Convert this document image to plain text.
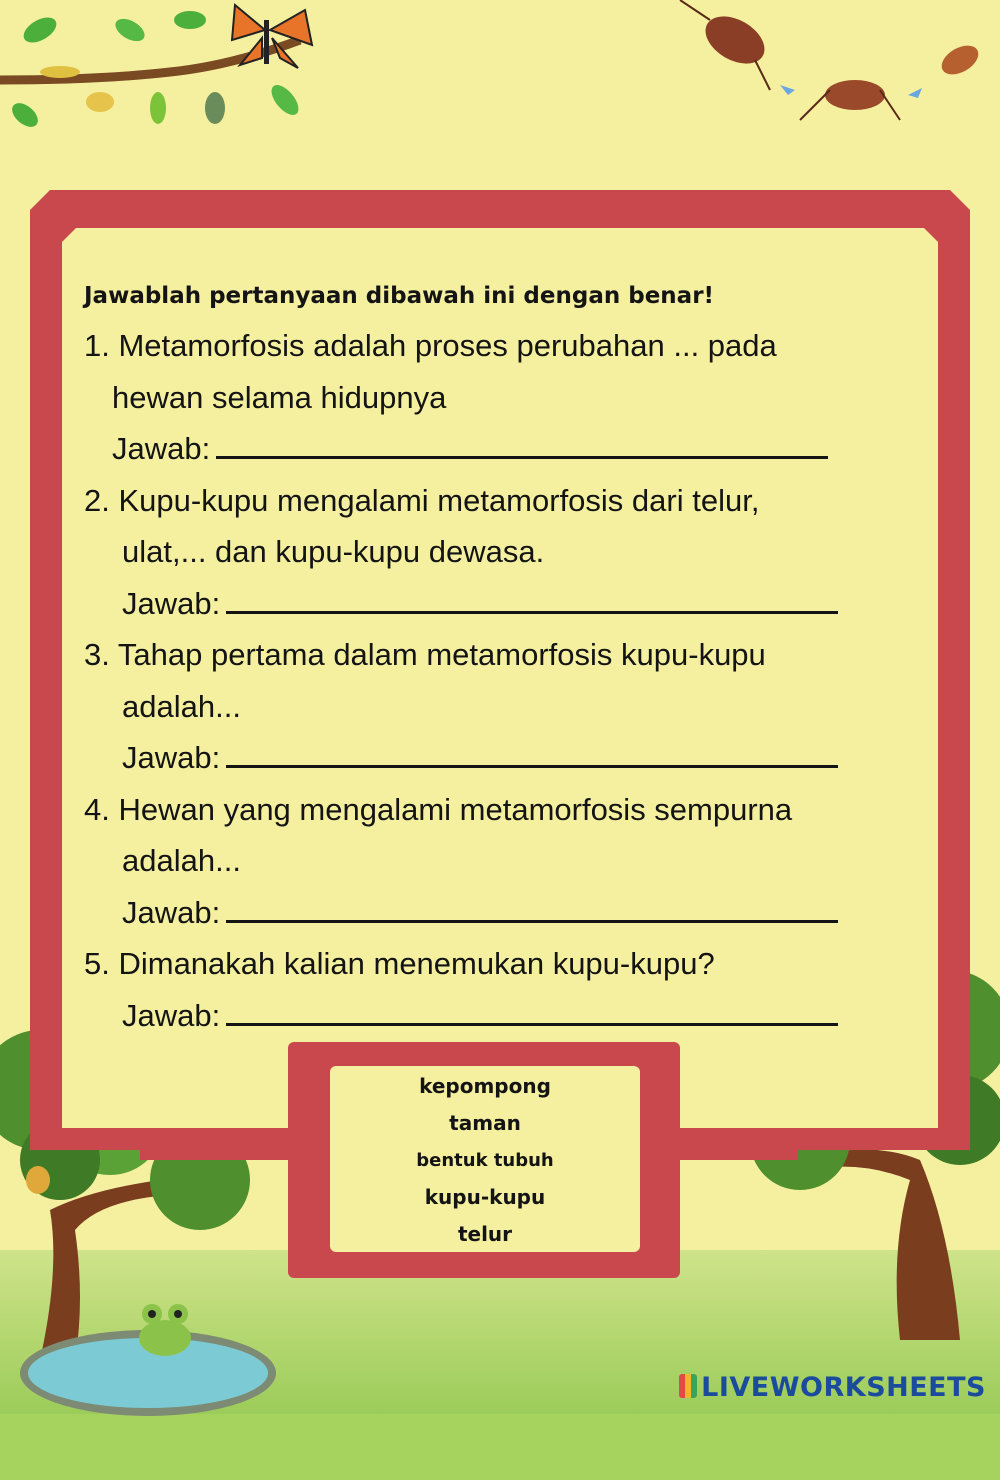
Jawablah pertanyaan dibawah ini dengan benar!
1. Metamorfosis adalah proses perubahan ... pada
hewan selama hidupnya
Jawab:
2. Kupu-kupu mengalami metamorfosis dari telur,
ulat,... dan kupu-kupu dewasa.
Jawab:
3. Tahap pertama dalam metamorfosis kupu-kupu
adalah...
Jawab:
4. Hewan yang mengalami metamorfosis sempurna
adalah...
Jawab:
5. Dimanakah kalian menemukan kupu-kupu?
Jawab:
kepompong
taman
bentuk tubuh
kupu-kupu
telur
LIVEWORKSHEETS
